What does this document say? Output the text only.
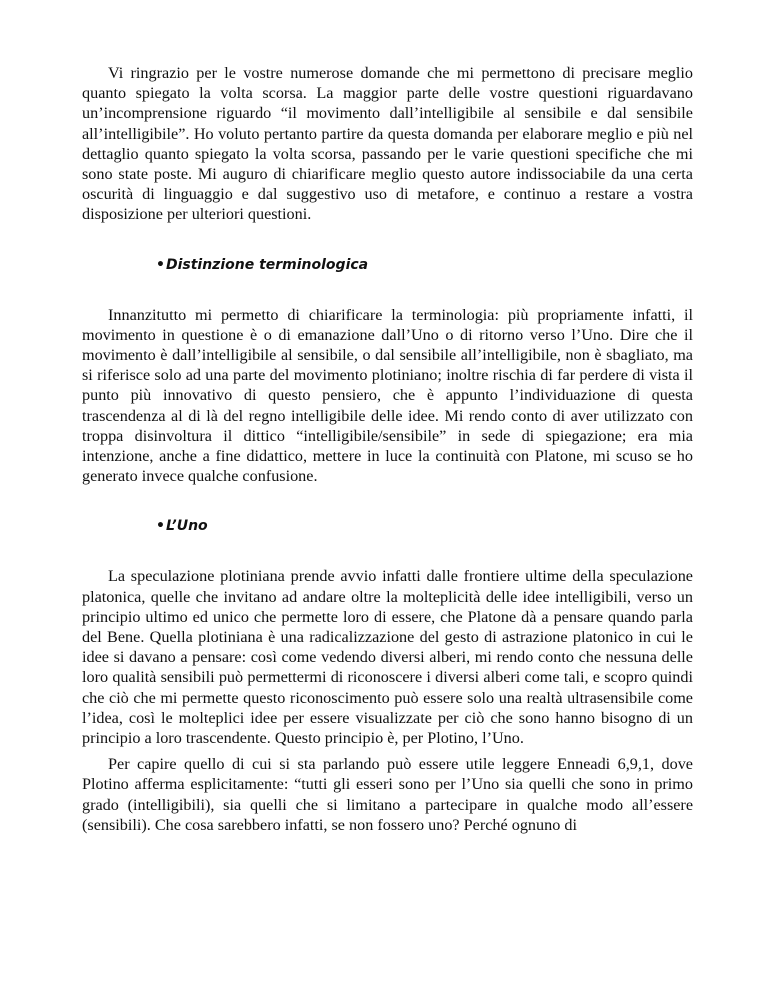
Vi ringrazio per le vostre numerose domande che mi permettono di precisare meglio quanto spiegato la volta scorsa. La maggior parte delle vostre questioni riguardavano un’incomprensione riguardo “il movimento dall’intelligibile al sensibile e dal sensibile all’intelligibile”. Ho voluto pertanto partire da questa domanda per elaborare meglio e più nel dettaglio quanto spiegato la volta scorsa, passando per le varie questioni specifiche che mi sono state poste. Mi auguro di chiarificare meglio questo autore indissociabile da una certa oscurità di linguaggio e dal suggestivo uso di metafore, e continuo a restare a vostra disposizione per ulteriori questioni.

•Distinzione terminologica

Innanzitutto mi permetto di chiarificare la terminologia: più propriamente infatti, il movimento in questione è o di emanazione dall’Uno o di ritorno verso l’Uno. Dire che il movimento è dall’intelligibile al sensibile, o dal sensibile all’intelligibile, non è sbagliato, ma si riferisce solo ad una parte del movimento plotiniano; inoltre rischia di far perdere di vista il punto più innovativo di questo pensiero, che è appunto l’individuazione di questa trascendenza al di là del regno intelligibile delle idee. Mi rendo conto di aver utilizzato con troppa disinvoltura il dittico “intelligibile/sensibile” in sede di spiegazione; era mia intenzione, anche a fine didattico, mettere in luce la continuità con Platone, mi scuso se ho generato invece qualche confusione.

•L’Uno

La speculazione plotiniana prende avvio infatti dalle frontiere ultime della speculazione platonica, quelle che invitano ad andare oltre la molteplicità delle idee intelligibili, verso un principio ultimo ed unico che permette loro di essere, che Platone dà a pensare quando parla del Bene. Quella plotiniana è una radicalizzazione del gesto di astrazione platonico in cui le idee si davano a pensare: così come vedendo diversi alberi, mi rendo conto che nessuna delle loro qualità sensibili può permettermi di riconoscere i diversi alberi come tali, e scopro quindi che ciò che mi permette questo riconoscimento può essere solo una realtà ultrasensibile come l’idea, così le molteplici idee per essere visualizzate per ciò che sono hanno bisogno di un principio a loro trascendente. Questo principio è, per Plotino, l’Uno.

Per capire quello di cui si sta parlando può essere utile leggere Enneadi 6,9,1, dove Plotino afferma esplicitamente: “tutti gli esseri sono per l’Uno sia quelli che sono in primo grado (intelligibili), sia quelli che si limitano a partecipare in qualche modo all’essere (sensibili). Che cosa sarebbero infatti, se non fossero uno? Perché ognuno di
